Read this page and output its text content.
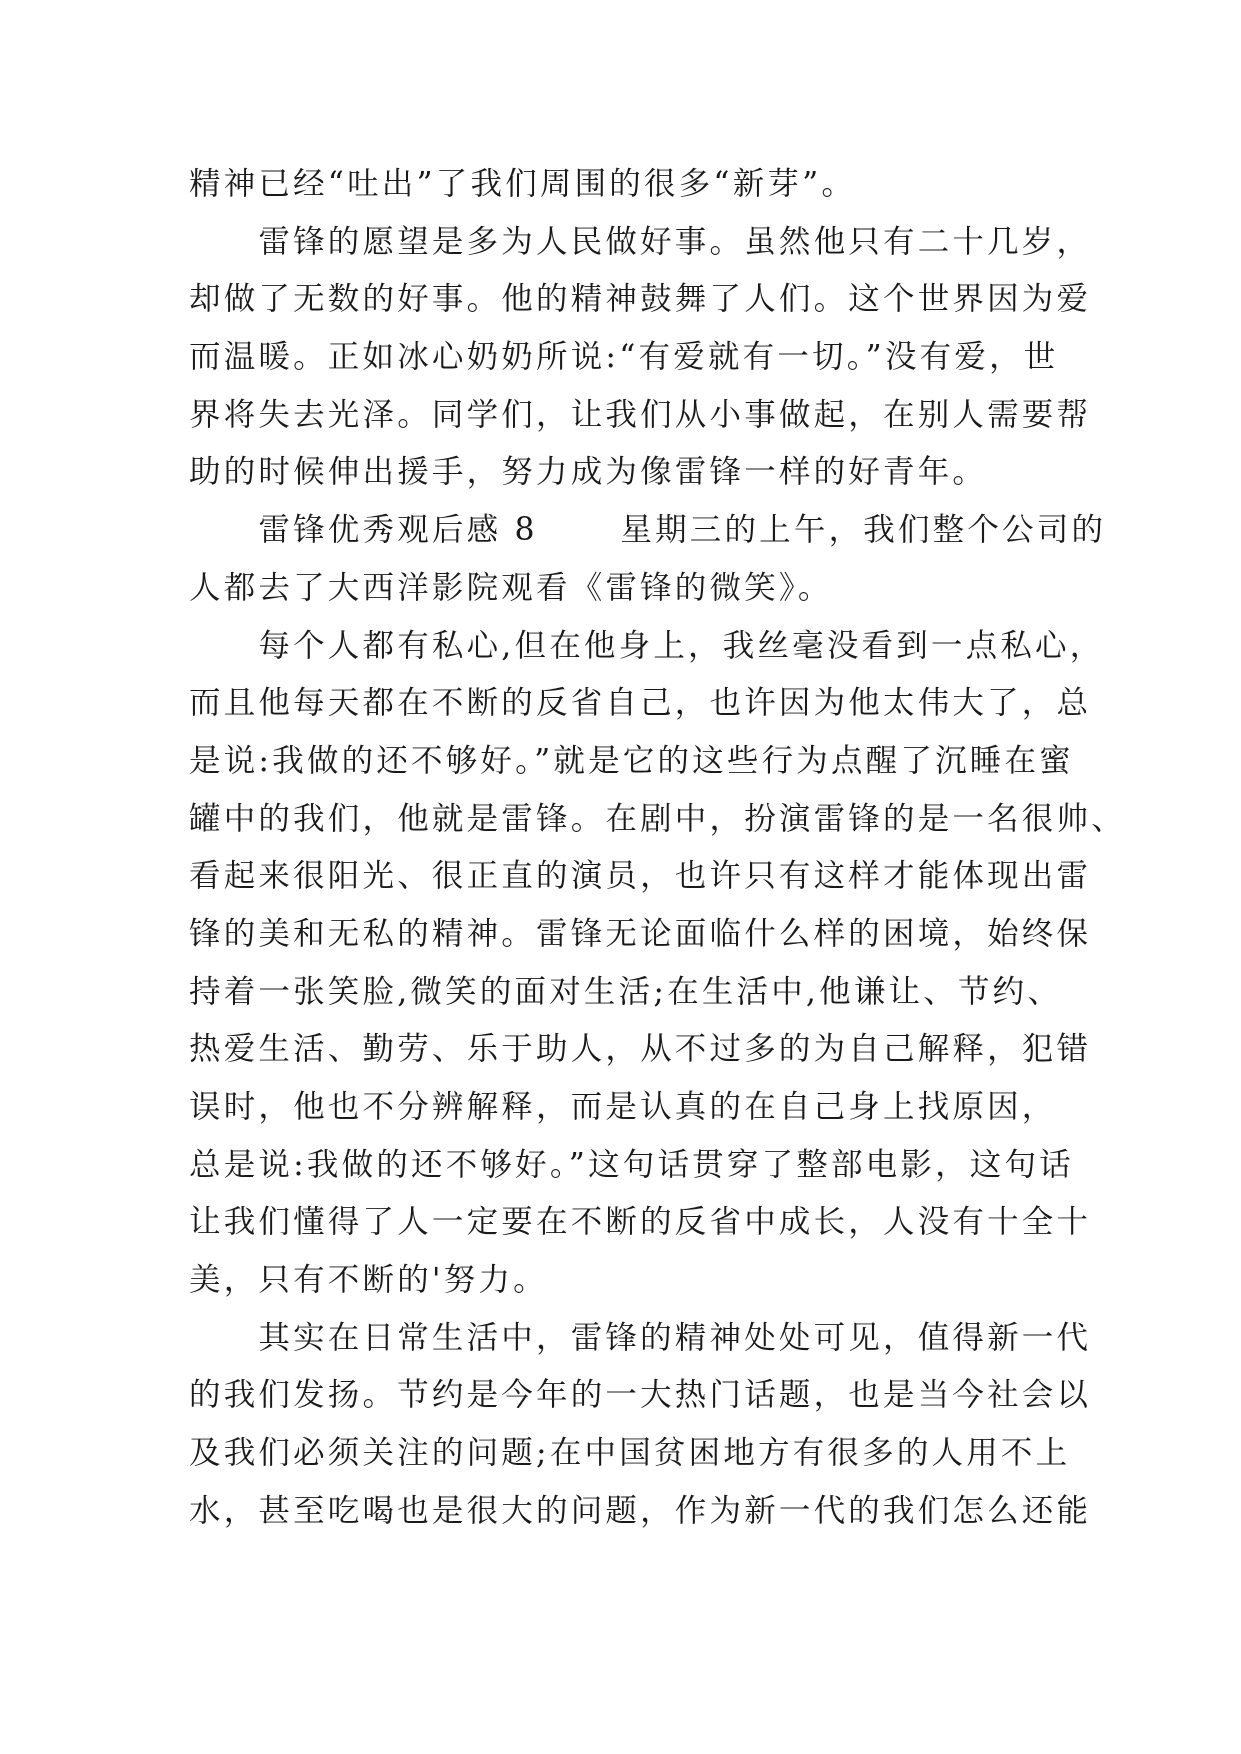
精神已经“吐出”了我们周围的很多“新芽”。
　　雷锋的愿望是多为人民做好事。虽然他只有二十几岁，
却做了无数的好事。他的精神鼓舞了人们。这个世界因为爱
而温暖。正如冰心奶奶所说:“有爱就有一切。”没有爱，世
界将失去光泽。同学们，让我们从小事做起，在别人需要帮
助的时候伸出援手，努力成为像雷锋一样的好青年。
　　雷锋优秀观后感 8　　 星期三的上午，我们整个公司的
人都去了大西洋影院观看《雷锋的微笑》。
　　每个人都有私心,但在他身上，我丝毫没看到一点私心，
而且他每天都在不断的反省自己，也许因为他太伟大了，总
是说:我做的还不够好。”就是它的这些行为点醒了沉睡在蜜
罐中的我们，他就是雷锋。在剧中，扮演雷锋的是一名很帅、
看起来很阳光、很正直的演员，也许只有这样才能体现出雷
锋的美和无私的精神。雷锋无论面临什么样的困境，始终保
持着一张笑脸,微笑的面对生活;在生活中,他谦让、节约、
热爱生活、勤劳、乐于助人，从不过多的为自己解释，犯错
误时，他也不分辨解释，而是认真的在自己身上找原因，
总是说:我做的还不够好。”这句话贯穿了整部电影，这句话
让我们懂得了人一定要在不断的反省中成长，人没有十全十
美，只有不断的'努力。
　　其实在日常生活中，雷锋的精神处处可见，值得新一代
的我们发扬。节约是今年的一大热门话题，也是当今社会以
及我们必须关注的问题;在中国贫困地方有很多的人用不上
水，甚至吃喝也是很大的问题，作为新一代的我们怎么还能
